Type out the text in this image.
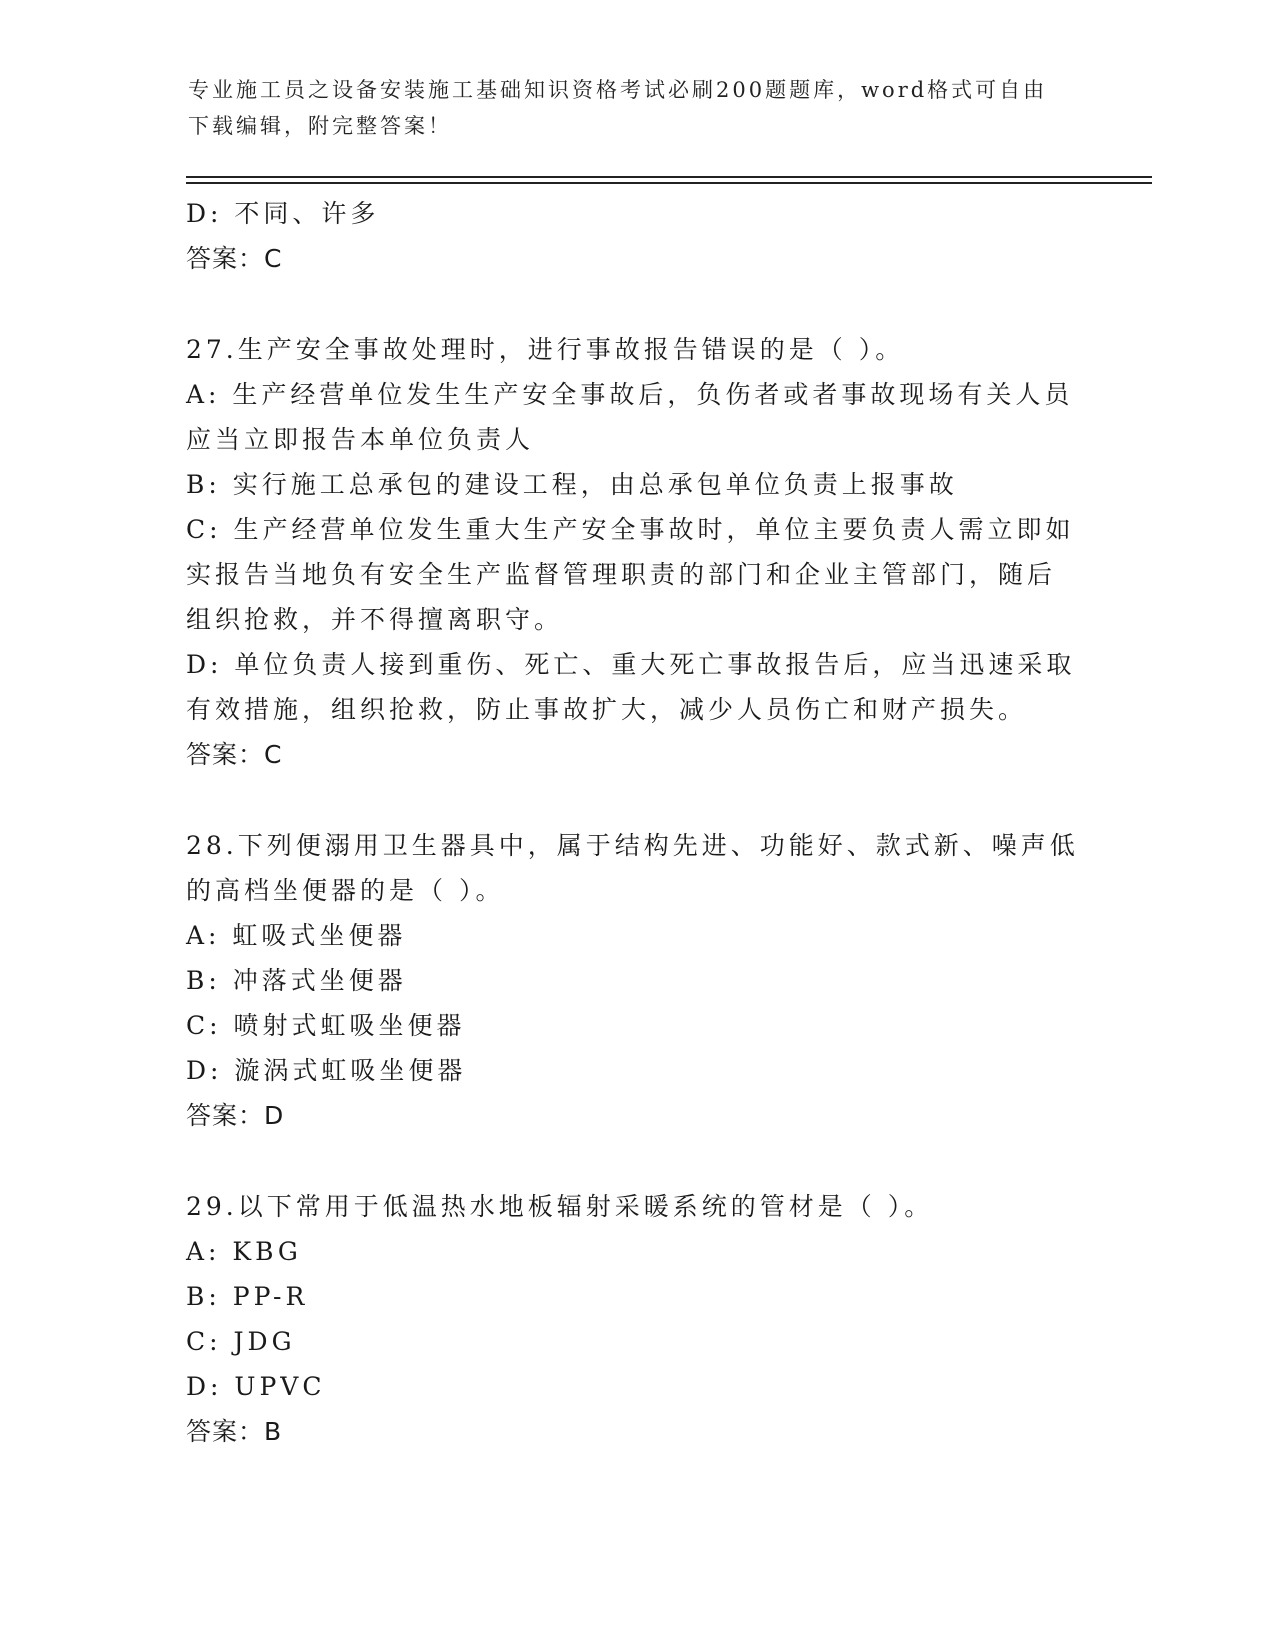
专业施工员之设备安装施工基础知识资格考试必刷200题题库，word格式可自由
下载编辑，附完整答案！
D: 不同、许多
答案：C
27.生产安全事故处理时，进行事故报告错误的是（ ）。
A: 生产经营单位发生生产安全事故后，负伤者或者事故现场有关人员
应当立即报告本单位负责人
B: 实行施工总承包的建设工程，由总承包单位负责上报事故
C: 生产经营单位发生重大生产安全事故时，单位主要负责人需立即如
实报告当地负有安全生产监督管理职责的部门和企业主管部门，随后
组织抢救，并不得擅离职守。
D: 单位负责人接到重伤、死亡、重大死亡事故报告后，应当迅速采取
有效措施，组织抢救，防止事故扩大，减少人员伤亡和财产损失。
答案：C
28.下列便溺用卫生器具中，属于结构先进、功能好、款式新、噪声低
的高档坐便器的是（ ）。
A: 虹吸式坐便器
B: 冲落式坐便器
C: 喷射式虹吸坐便器
D: 漩涡式虹吸坐便器
答案：D
29.以下常用于低温热水地板辐射采暖系统的管材是（ ）。
A: KBG
B: PP-R
C: JDG
D: UPVC
答案：B
